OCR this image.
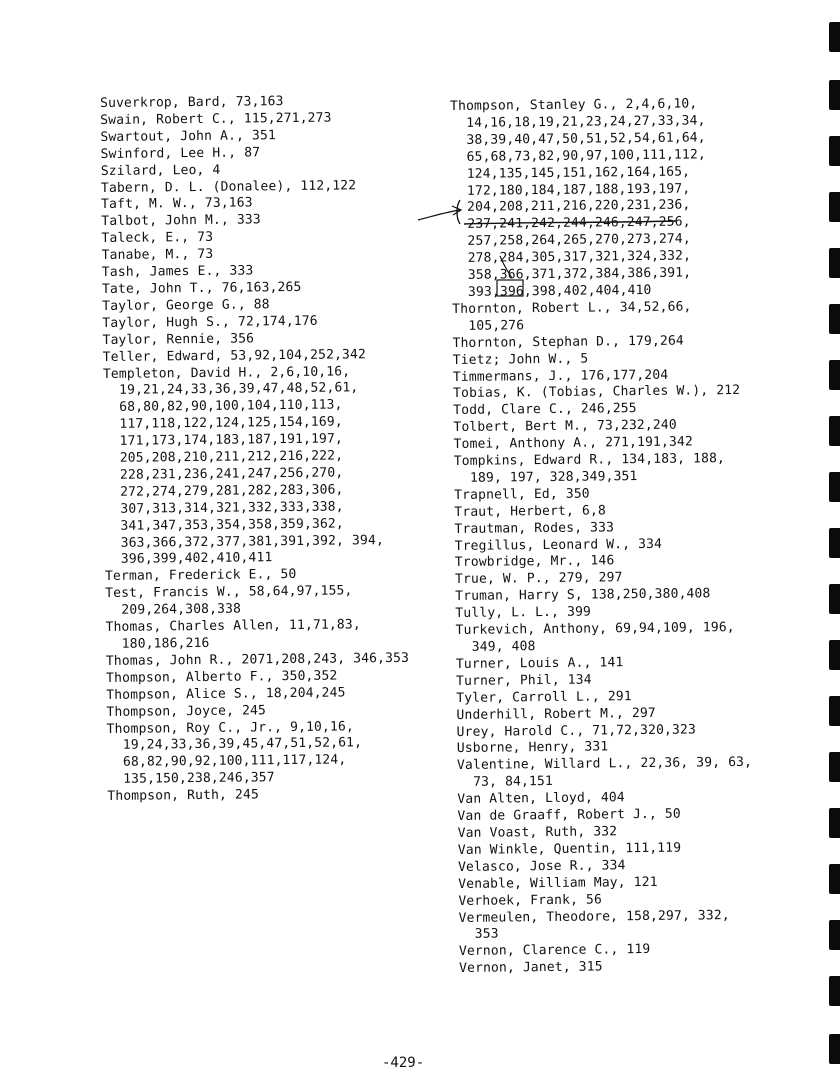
Suverkrop, Bard, 73,163
Swain, Robert C., 115,271,273
Swartout, John A., 351
Swinford, Lee H., 87
Szilard, Leo, 4
Tabern, D. L. (Donalee), 112,122
Taft, M. W., 73,163
Talbot, John M., 333
Taleck, E., 73
Tanabe, M., 73
Tash, James E., 333
Tate, John T., 76,163,265
Taylor, George G., 88
Taylor, Hugh S., 72,174,176
Taylor, Rennie, 356
Teller, Edward, 53,92,104,252,342
Templeton, David H., 2,6,10,16, 19,21,24,33,36,39,47,48,52,61, 68,80,82,90,100,104,110,113, 117,118,122,124,125,154,169, 171,173,174,183,187,191,197, 205,208,210,211,212,216,222, 228,231,236,241,247,256,270, 272,274,279,281,282,283,306, 307,313,314,321,332,333,338, 341,347,353,354,358,359,362, 363,366,372,377,381,391,392, 394, 396,399,402,410,411
Terman, Frederick E., 50
Test, Francis W., 58,64,97,155, 209,264,308,338
Thomas, Charles Allen, 11,71,83, 180,186,216
Thomas, John R., 2071,208,243, 346,353
Thompson, Alberto F., 350,352
Thompson, Alice S., 18,204,245
Thompson, Joyce, 245
Thompson, Roy C., Jr., 9,10,16, 19,24,33,36,39,45,47,51,52,61, 68,82,90,92,100,111,117,124, 135,150,238,246,357
Thompson, Ruth, 245
Thompson, Stanley G., 2,4,6,10, 14,16,18,19,21,23,24,27,33,34, 38,39,40,47,50,51,52,54,61,64, 65,68,73,82,90,97,100,111,112, 124,135,145,151,162,164,165, 172,180,184,187,188,193,197, 204,208,211,216,220,231,236, 237,241,242,244,246,247,256, 257,258,264,265,270,273,274, 278,284,305,317,321,324,332, 358,366,371,372,384,386,391, 393,396,398,402,404,410
Thornton, Robert L., 34,52,66, 105,276
Thornton, Stephan D., 179,264
Tietz; John W., 5
Timmermans, J., 176,177,204
Tobias, K. (Tobias, Charles W.), 212
Todd, Clare C., 246,255
Tolbert, Bert M., 73,232,240
Tomei, Anthony A., 271,191,342
Tompkins, Edward R., 134,183, 188, 189, 197, 328,349,351
Trapnell, Ed, 350
Traut, Herbert, 6,8
Trautman, Rodes, 333
Tregillus, Leonard W., 334
Trowbridge, Mr., 146
True, W. P., 279, 297
Truman, Harry S, 138,250,380,408
Tully, L. L., 399
Turkevich, Anthony, 69,94,109, 196, 349, 408
Turner, Louis A., 141
Turner, Phil, 134
Tyler, Carroll L., 291
Underhill, Robert M., 297
Urey, Harold C., 71,72,320,323
Usborne, Henry, 331
Valentine, Willard L., 22,36, 39, 63, 73, 84,151
Van Alten, Lloyd, 404
Van de Graaff, Robert J., 50
Van Voast, Ruth, 332
Van Winkle, Quentin, 111,119
Velasco, Jose R., 334
Venable, William May, 121
Verhoek, Frank, 56
Vermeulen, Theodore, 158,297, 332, 353
Vernon, Clarence C., 119
Vernon, Janet, 315
-429-
